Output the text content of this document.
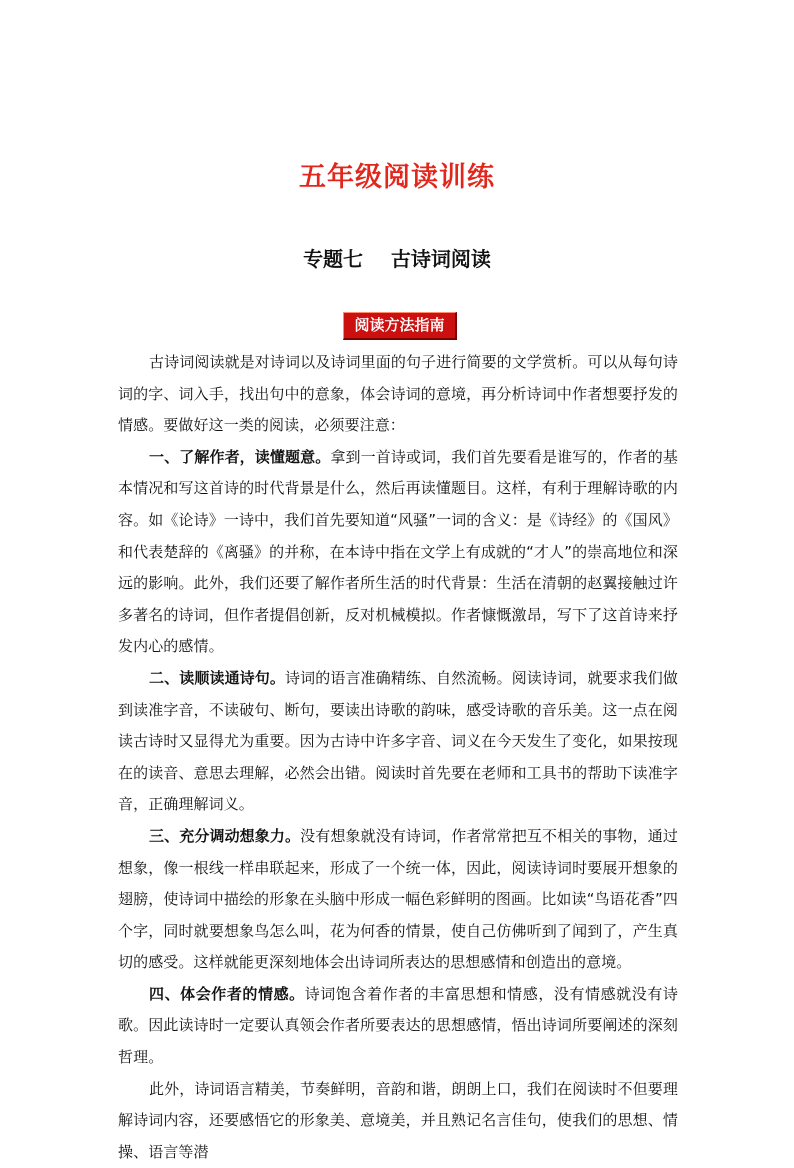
五年级阅读训练
专题七    古诗词阅读
阅读方法指南

古诗词阅读就是对诗词以及诗词里面的句子进行简要的文学赏析。可以从每句诗词的字、词入手，找出句中的意象，体会诗词的意境，再分析诗词中作者想要抒发的情感。要做好这一类的阅读，必须要注意：

一、了解作者，读懂题意。拿到一首诗或词，我们首先要看是谁写的，作者的基本情况和写这首诗的时代背景是什么，然后再读懂题目。这样，有利于理解诗歌的内容。如《论诗》一诗中，我们首先要知道“风骚”一词的含义：是《诗经》的《国风》和代表楚辞的《离骚》的并称，在本诗中指在文学上有成就的“才人”的崇高地位和深远的影响。此外，我们还要了解作者所生活的时代背景：生活在清朝的赵翼接触过许多著名的诗词，但作者提倡创新，反对机械模拟。作者慷慨激昂，写下了这首诗来抒发内心的感情。

二、读顺读通诗句。诗词的语言准确精练、自然流畅。阅读诗词，就要求我们做到读准字音，不读破句、断句，要读出诗歌的韵味，感受诗歌的音乐美。这一点在阅读古诗时又显得尤为重要。因为古诗中许多字音、词义在今天发生了变化，如果按现在的读音、意思去理解，必然会出错。阅读时首先要在老师和工具书的帮助下读准字音，正确理解词义。

三、充分调动想象力。没有想象就没有诗词，作者常常把互不相关的事物，通过想象，像一根线一样串联起来，形成了一个统一体，因此，阅读诗词时要展开想象的翅膀，使诗词中描绘的形象在头脑中形成一幅色彩鲜明的图画。比如读“鸟语花香”四个字，同时就要想象鸟怎么叫，花为何香的情景，使自己仿佛听到了闻到了，产生真切的感受。这样就能更深刻地体会出诗词所表达的思想感情和创造出的意境。

四、体会作者的情感。诗词饱含着作者的丰富思想和情感，没有情感就没有诗歌。因此读诗时一定要认真领会作者所要表达的思想感情，悟出诗词所要阐述的深刻哲理。

此外，诗词语言精美，节奏鲜明，音韵和谐，朗朗上口，我们在阅读时不但要理解诗词内容，还要感悟它的形象美、意境美，并且熟记名言佳句，使我们的思想、情操、语言等潜
